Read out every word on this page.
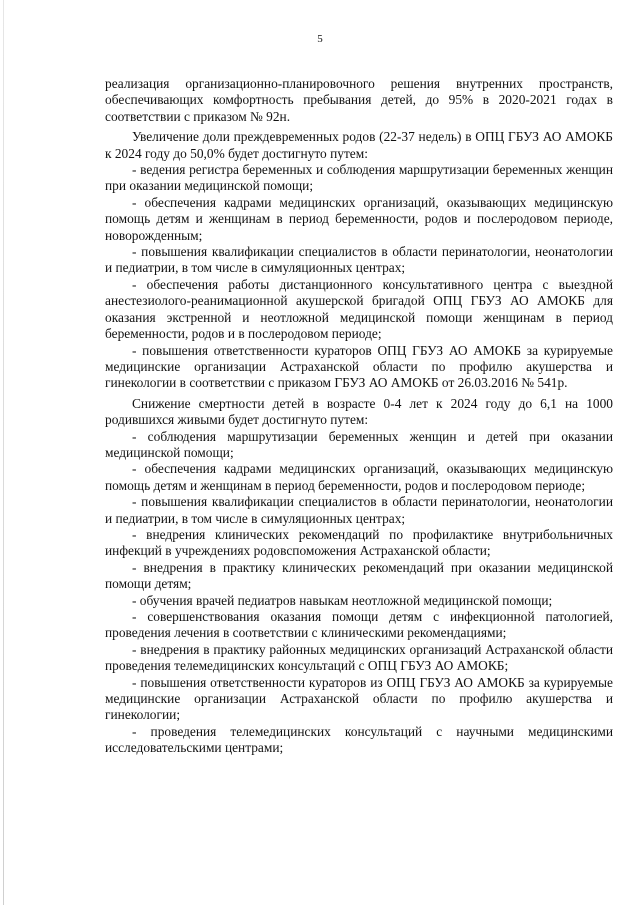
5

реализация организационно-планировочного решения внутренних пространств, обеспечивающих комфортность пребывания детей, до 95% в 2020-2021 годах в соответствии с приказом № 92н.

Увеличение доли преждевременных родов (22-37 недель) в ОПЦ ГБУЗ АО АМОКБ к 2024 году до 50,0% будет достигнуто путем:

- ведения регистра беременных и соблюдения маршрутизации беременных женщин при оказании медицинской помощи;

- обеспечения кадрами медицинских организаций, оказывающих медицинскую помощь детям и женщинам в период беременности, родов и послеродовом периоде, новорожденным;

- повышения квалификации специалистов в области перинатологии, неонатологии и педиатрии, в том числе в симуляционных центрах;

- обеспечения работы дистанционного консультативного центра с выездной анестезиолого-реанимационной акушерской бригадой ОПЦ ГБУЗ АО АМОКБ для оказания экстренной и неотложной медицинской помощи женщинам в период беременности, родов и в послеродовом периоде;

- повышения ответственности кураторов ОПЦ ГБУЗ АО АМОКБ за курируемые медицинские организации Астраханской области по профилю акушерства и гинекологии в соответствии с приказом ГБУЗ АО АМОКБ от 26.03.2016 № 541р.

Снижение смертности детей в возрасте 0-4 лет к 2024 году до 6,1 на 1000 родившихся живыми будет достигнуто путем:

- соблюдения маршрутизации беременных женщин и детей при оказании медицинской помощи;

- обеспечения кадрами медицинских организаций, оказывающих медицинскую помощь детям и женщинам в период беременности, родов и послеродовом периоде;

- повышения квалификации специалистов в области перинатологии, неонатологии и педиатрии, в том числе в симуляционных центрах;

- внедрения клинических рекомендаций по профилактике внутрибольничных инфекций в учреждениях родовспоможения Астраханской области;

- внедрения в практику клинических рекомендаций при оказании медицинской помощи детям;

- обучения врачей педиатров навыкам неотложной медицинской помощи;

- совершенствования оказания помощи детям с инфекционной патологией, проведения лечения в соответствии с клиническими рекомендациями;

- внедрения в практику районных медицинских организаций Астраханской области проведения телемедицинских консультаций с ОПЦ ГБУЗ АО АМОКБ;

- повышения ответственности кураторов из ОПЦ ГБУЗ АО АМОКБ за курируемые медицинские организации Астраханской области по профилю акушерства и гинекологии;

- проведения телемедицинских консультаций с научными медицинскими исследовательскими центрами;
